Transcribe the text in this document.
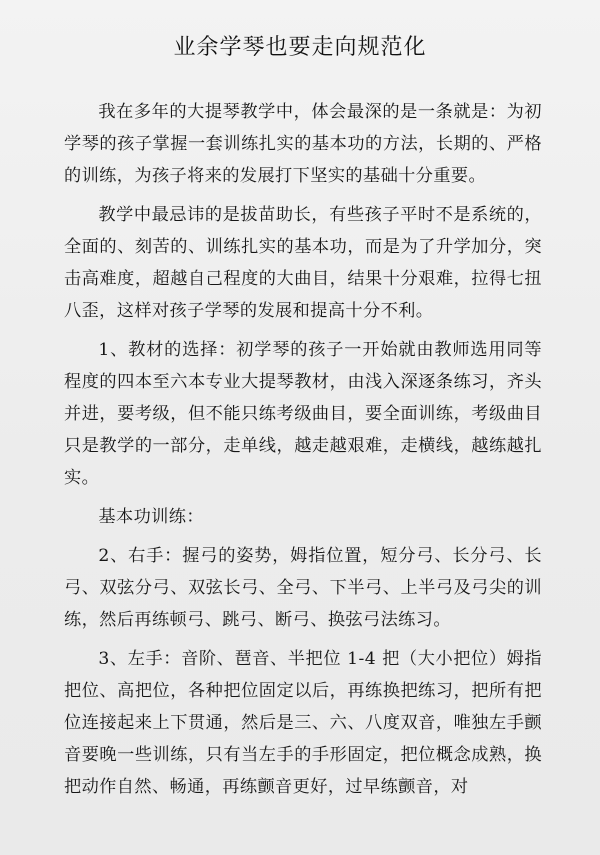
业余学琴也要走向规范化

我在多年的大提琴教学中，体会最深的是一条就是：为初学琴的孩子掌握一套训练扎实的基本功的方法，长期的、严格的训练，为孩子将来的发展打下坚实的基础十分重要。

教学中最忌讳的是拔苗助长，有些孩子平时不是系统的，全面的、刻苦的、训练扎实的基本功，而是为了升学加分，突击高难度，超越自己程度的大曲目，结果十分艰难，拉得七扭八歪，这样对孩子学琴的发展和提高十分不利。

1、教材的选择：初学琴的孩子一开始就由教师选用同等程度的四本至六本专业大提琴教材，由浅入深逐条练习，齐头并进，要考级，但不能只练考级曲目，要全面训练，考级曲目只是教学的一部分，走单线，越走越艰难，走横线，越练越扎实。

基本功训练：

2、右手：握弓的姿势，姆指位置，短分弓、长分弓、长弓、双弦分弓、双弦长弓、全弓、下半弓、上半弓及弓尖的训练，然后再练顿弓、跳弓、断弓、换弦弓法练习。

3、左手：音阶、琶音、半把位 1-4 把（大小把位）姆指把位、高把位，各种把位固定以后，再练换把练习，把所有把位连接起来上下贯通，然后是三、六、八度双音，唯独左手颤音要晚一些训练，只有当左手的手形固定，把位概念成熟，换把动作自然、畅通，再练颤音更好，过早练颤音，对
